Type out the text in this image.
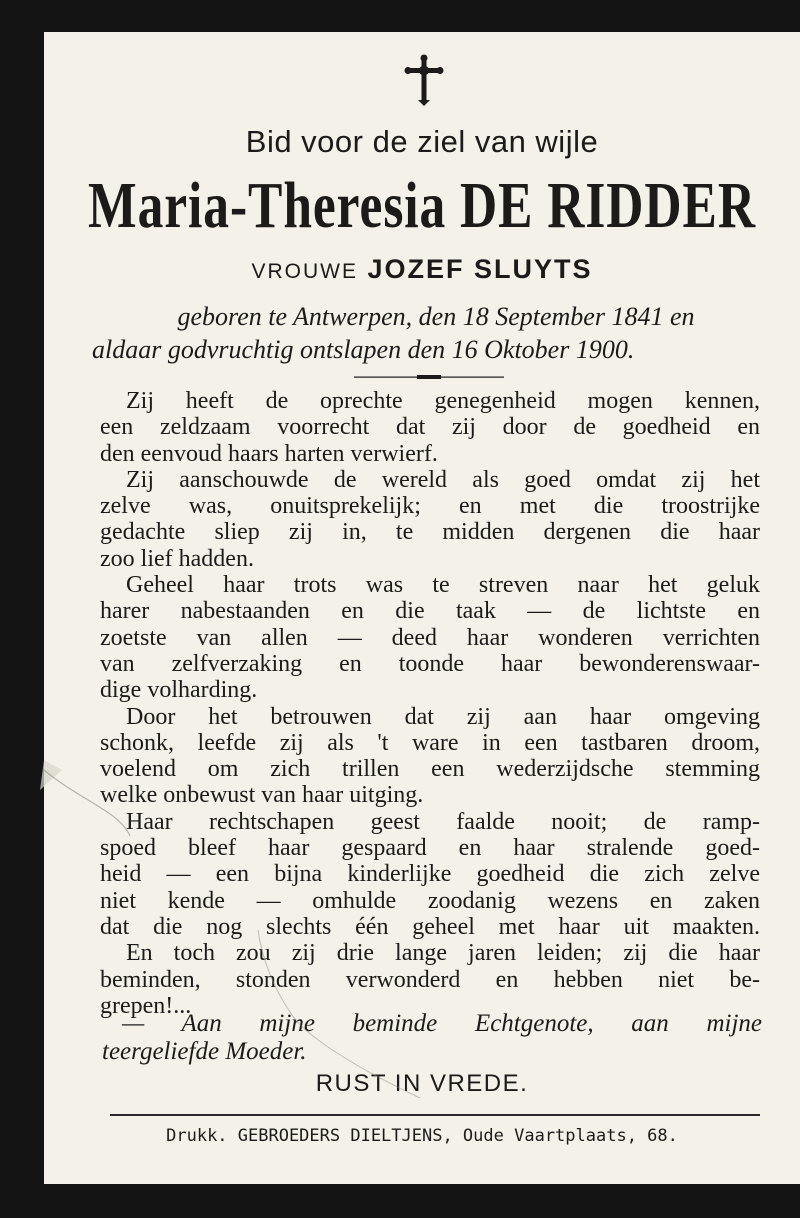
Bid voor de ziel van wijle
Maria-Theresia DE RIDDER
VROUWE JOZEF SLUYTS
geboren te Antwerpen, den 18 September 1841 en
aldaar godvruchtig ontslapen den 16 Oktober 1900.
Zij heeft de oprechte genegenheid mogen kennen,
een zeldzaam voorrecht dat zij door de goedheid en
den eenvoud haars harten verwierf.
Zij aanschouwde de wereld als goed omdat zij het
zelve was, onuitsprekelijk; en met die troostrijke
gedachte sliep zij in, te midden dergenen die haar
zoo lief hadden.
Geheel haar trots was te streven naar het geluk
harer nabestaanden en die taak — de lichtste en
zoetste van allen — deed haar wonderen verrichten
van zelfverzaking en toonde haar bewonderenswaar-
dige volharding.
Door het betrouwen dat zij aan haar omgeving
schonk, leefde zij als 't ware in een tastbaren droom,
voelend om zich trillen een wederzijdsche stemming
welke onbewust van haar uitging.
Haar rechtschapen geest faalde nooit; de ramp-
spoed bleef haar gespaard en haar stralende goed-
heid — een bijna kinderlijke goedheid die zich zelve
niet kende — omhulde zoodanig wezens en zaken
dat die nog slechts één geheel met haar uit maakten.
En toch zou zij drie lange jaren leiden; zij die haar
beminden, stonden verwonderd en hebben niet be-
grepen!...
— Aan mijne beminde Echtgenote, aan mijne
teergeliefde Moeder.
RUST IN VREDE.
Drukk. GEBROEDERS DIELTJENS, Oude Vaartplaats, 68.
